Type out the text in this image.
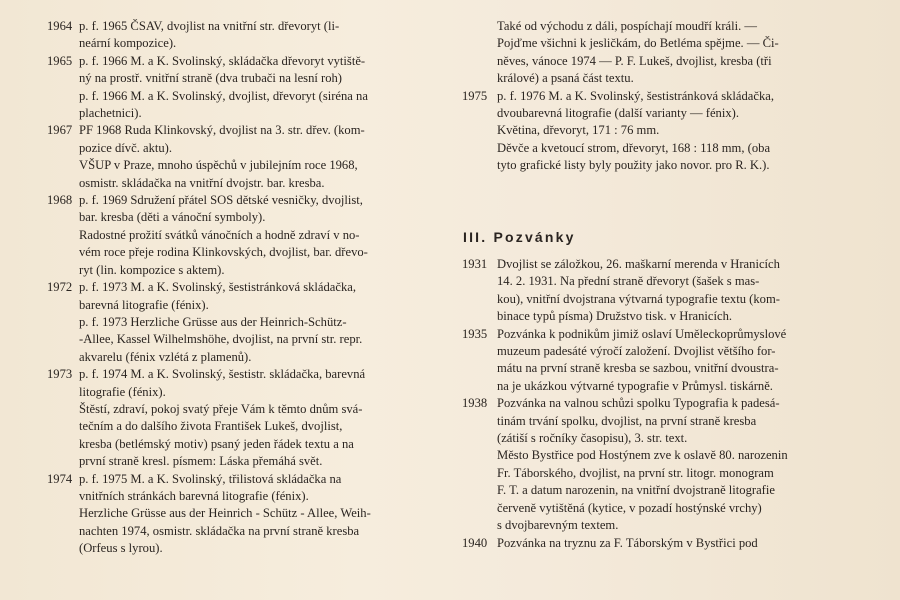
1964 p. f. 1965 ČSAV, dvojlist na vnitřní str. dřevoryt (li-
neární kompozice).
1965 p. f. 1966 M. a K. Svolinský, skládačka dřevoryt vytiště-
ný na prostř. vnitřní straně (dva trubači na lesní roh)
p. f. 1966 M. a K. Svolinský, dvojlist, dřevoryt (siréna na
plachetnici).
1967 PF 1968 Ruda Klinkovský, dvojlist na 3. str. dřev. (kom-
pozice dívč. aktu).
VŠUP v Praze, mnoho úspěchů v jubilejním roce 1968,
osmistr. skládačka na vnitřní dvojstr. bar. kresba.
1968 p. f. 1969 Sdružení přátel SOS dětské vesničky, dvojlist,
bar. kresba (děti a vánoční symboly).
Radostné prožití svátků vánočních a hodně zdraví v no-
vém roce přeje rodina Klinkovských, dvojlist, bar. dřevo-
ryt (lin. kompozice s aktem).
1972 p. f. 1973 M. a K. Svolinský, šestistránková skládačka,
barevná litografie (fénix).
p. f. 1973 Herzliche Grüsse aus der Heinrich-Schütz-
-Allee, Kassel Wilhelmshöhe, dvojlist, na první str. repr.
akvarelu (fénix vzlétá z plamenů).
1973 p. f. 1974 M. a K. Svolinský, šestistr. skládačka, barevná
litografie (fénix).
Štěstí, zdraví, pokoj svatý přeje Vám k těmto dnům svá-
tečním a do dalšího života František Lukeš, dvojlist,
kresba (betlémský motiv) psaný jeden řádek textu a na
první straně kresl. písmem: Láska přemáhá svět.
1974 p. f. 1975 M. a K. Svolinský, třilistová skládačka na
vnitřních stránkách barevná litografie (fénix).
Herzliche Grüsse aus der Heinrich - Schütz - Allee, Weih-
nachten 1974, osmistr. skládačka na první straně kresba
(Orfeus s lyrou).
Také od východu z dáli, pospíchají moudří králi. —
Pojďme všichni k jesličkám, do Betléma spějme. — Či-
něves, vánoce 1974 — P. F. Lukeš, dvojlist, kresba (tři
králové) a psaná část textu.
1975 p. f. 1976 M. a K. Svolinský, šestistránková skládačka,
dvoubarevná litografie (další varianty — fénix).
Květina, dřevoryt, 171 : 76 mm.
Děvče a kvetoucí strom, dřevoryt, 168 : 118 mm, (oba
tyto grafické listy byly použity jako novor. pro R. K.).
III. Pozvánky
1931 Dvojlist se záložkou, 26. maškarní merenda v Hranicích
14. 2. 1931. Na přední straně dřevoryt (šašek s mas-
kou), vnitřní dvojstrana výtvarná typografie textu (kom-
binace typů písma) Družstvo tisk. v Hranicích.
1935 Pozvánka k podnikům jimiž oslaví Uměleckoprůmyslové
muzeum padesáté výročí založení. Dvojlist většího for-
mátu na první straně kresba se sazbou, vnitřní dvoustra-
na je ukázkou výtvarné typografie v Průmysl. tiskárně.
1938 Pozvánka na valnou schůzi spolku Typografia k padesá-
tinám trvání spolku, dvojlist, na první straně kresba
(zátiší s ročníky časopisu), 3. str. text.
Město Bystřice pod Hostýnem zve k oslavě 80. narozenin
Fr. Táborského, dvojlist, na první str. litogr. monogram
F. T. a datum narozenin, na vnitřní dvojstraně litografie
červeně vytištěná (kytice, v pozadí hostýnské vrchy)
s dvojbarevným textem.
1940 Pozvánka na tryznu za F. Táborským v Bystřici pod
